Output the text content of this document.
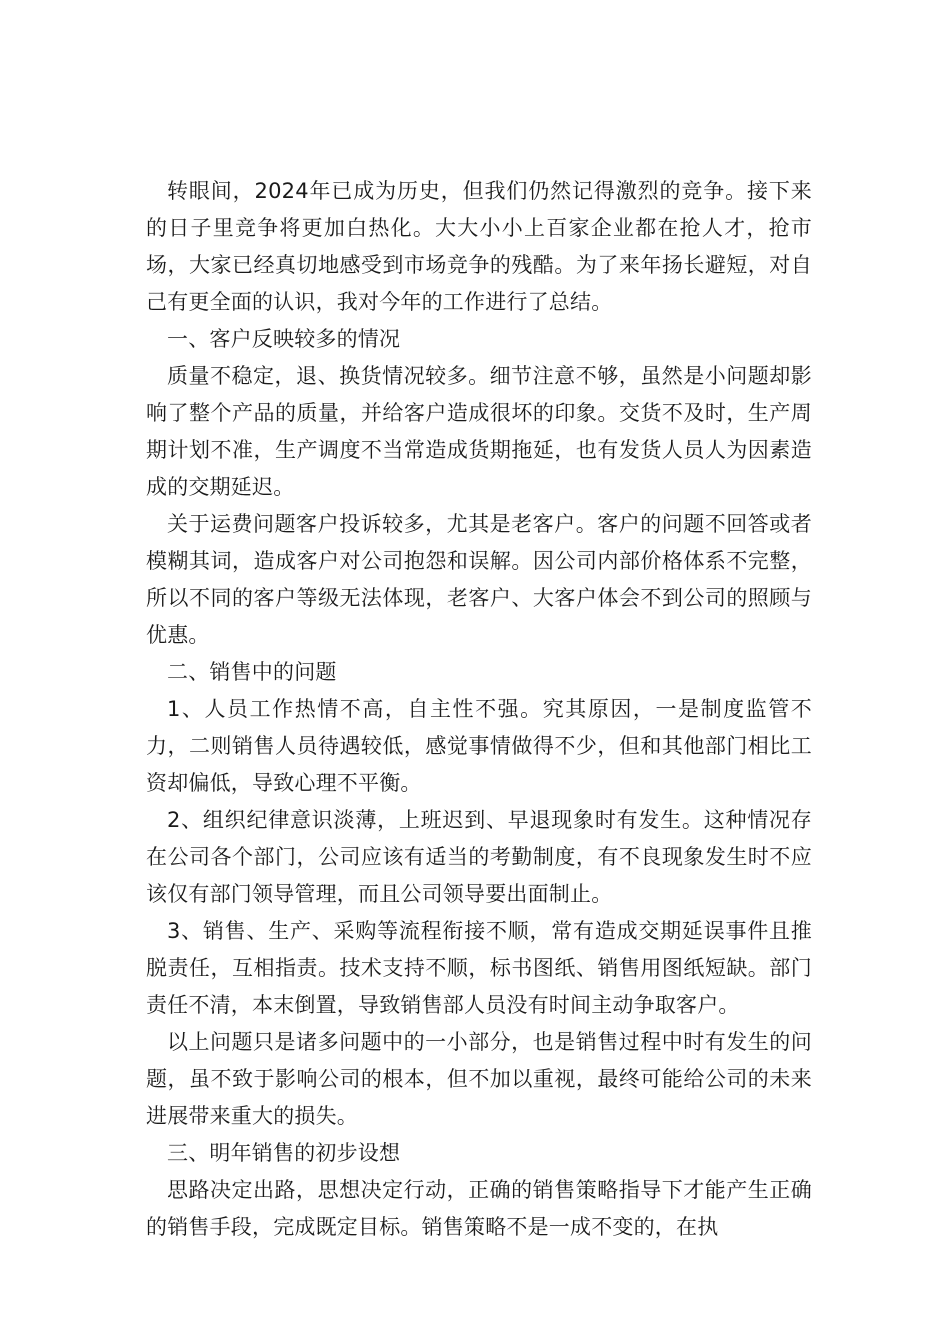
转眼间，2024年已成为历史，但我们仍然记得激烈的竞争。接下来的日子里竞争将更加白热化。大大小小上百家企业都在抢人才，抢市场，大家已经真切地感受到市场竞争的残酷。为了来年扬长避短，对自己有更全面的认识，我对今年的工作进行了总结。

一、客户反映较多的情况

质量不稳定，退、换货情况较多。细节注意不够，虽然是小问题却影响了整个产品的质量，并给客户造成很坏的印象。交货不及时，生产周期计划不准，生产调度不当常造成货期拖延，也有发货人员人为因素造成的交期延迟。

关于运费问题客户投诉较多，尤其是老客户。客户的问题不回答或者模糊其词，造成客户对公司抱怨和误解。因公司内部价格体系不完整，所以不同的客户等级无法体现，老客户、大客户体会不到公司的照顾与优惠。

二、销售中的问题

1、人员工作热情不高，自主性不强。究其原因，一是制度监管不力，二则销售人员待遇较低，感觉事情做得不少，但和其他部门相比工资却偏低，导致心理不平衡。

2、组织纪律意识淡薄，上班迟到、早退现象时有发生。这种情况存在公司各个部门，公司应该有适当的考勤制度，有不良现象发生时不应该仅有部门领导管理，而且公司领导要出面制止。

3、销售、生产、采购等流程衔接不顺，常有造成交期延误事件且推脱责任，互相指责。技术支持不顺，标书图纸、销售用图纸短缺。部门责任不清，本末倒置，导致销售部人员没有时间主动争取客户。

以上问题只是诸多问题中的一小部分，也是销售过程中时有发生的问题，虽不致于影响公司的根本，但不加以重视，最终可能给公司的未来进展带来重大的损失。

三、明年销售的初步设想

思路决定出路，思想决定行动，正确的销售策略指导下才能产生正确的销售手段，完成既定目标。销售策略不是一成不变的，在执
